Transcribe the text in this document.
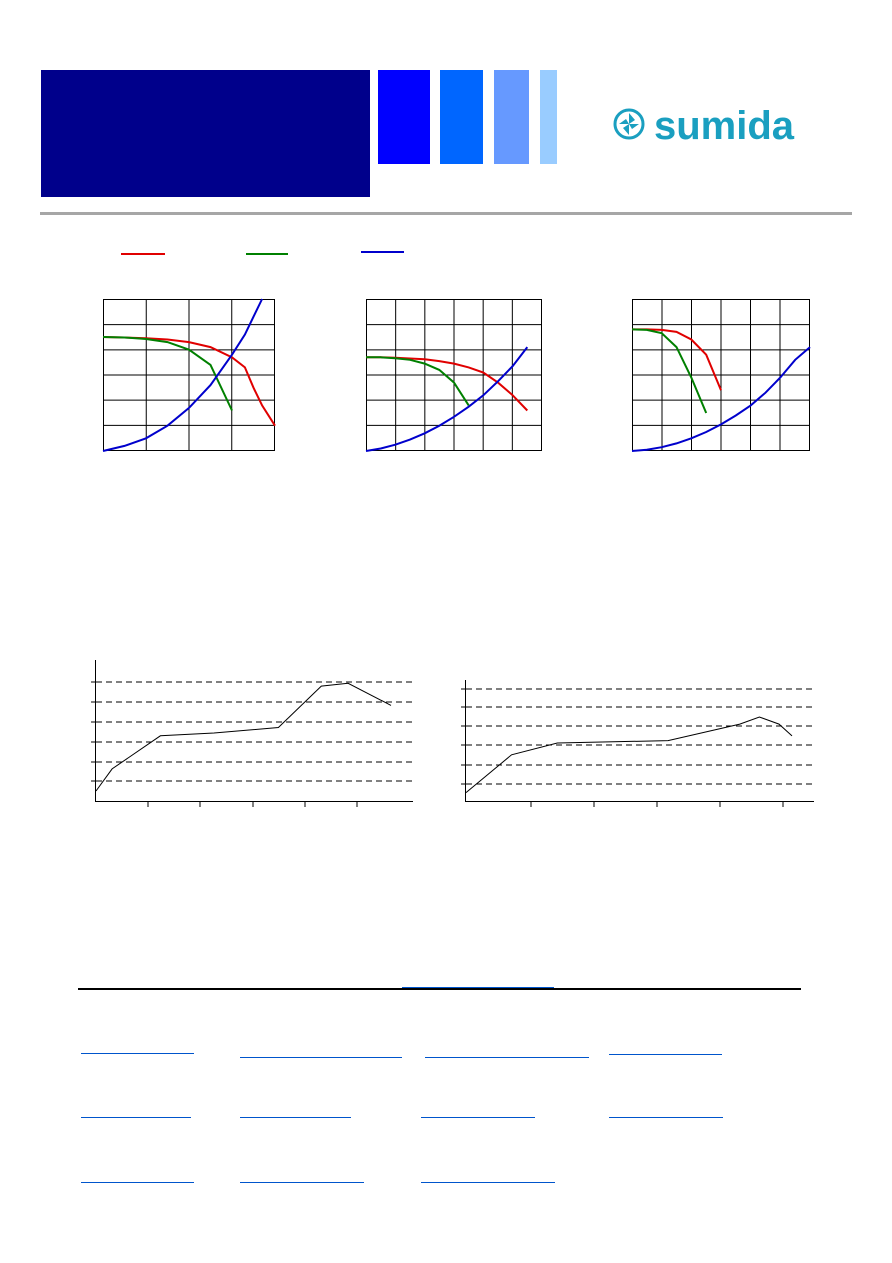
sumida
